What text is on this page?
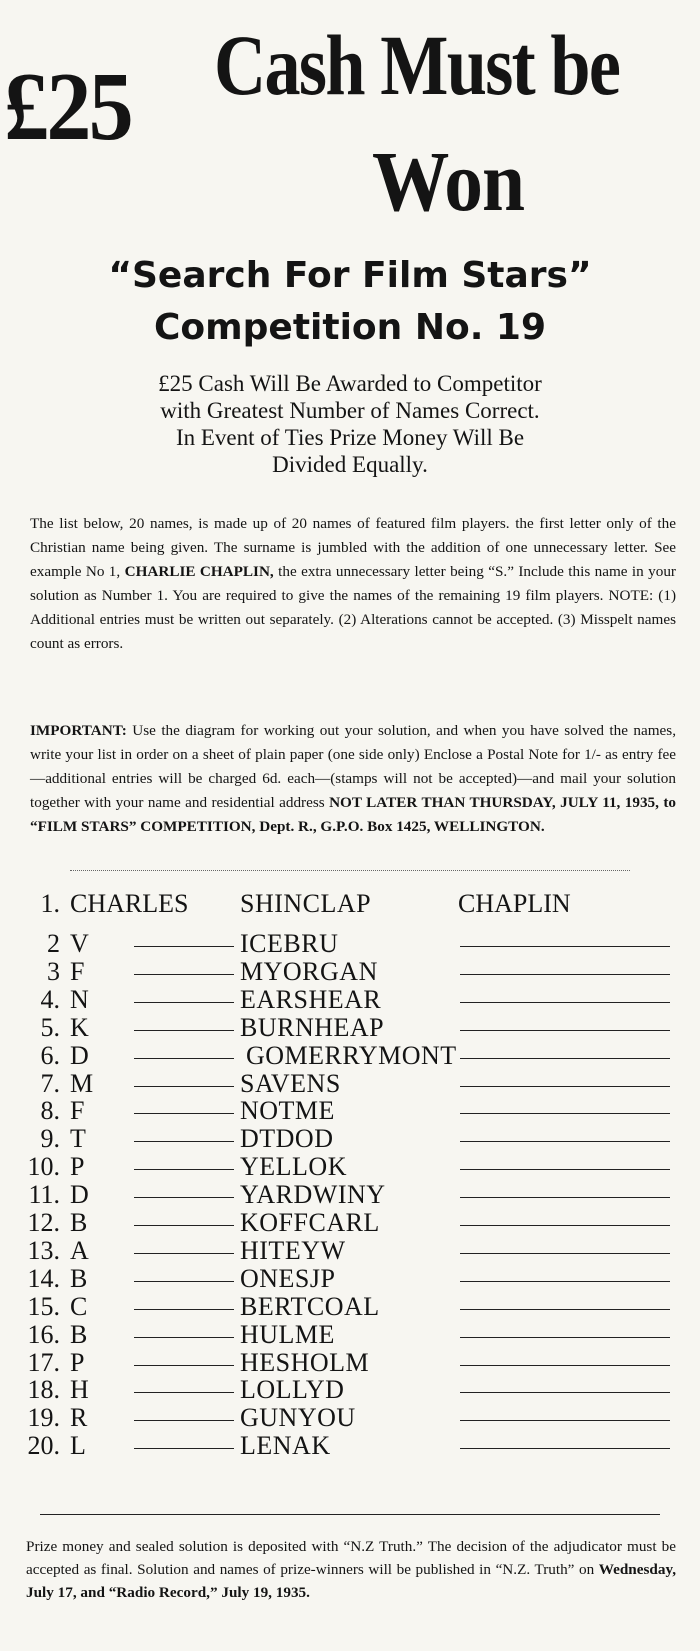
£25 Cash Must be
Won
“Search For Film Stars”
Competition No. 19
£25 Cash Will Be Awarded to Competitor
with Greatest Number of Names Correct.
In Event of Ties Prize Money Will Be
Divided Equally.
The list below, 20 names, is made up of 20 names of featured film players. the first letter only of the Christian name being given. The surname is jumbled with the addition of one unnecessary letter. See example No 1, CHARLIE CHAPLIN, the extra unnecessary letter being “S.” Include this name in your solution as Number 1. You are required to give the names of the remaining 19 film players. NOTE: (1) Additional entries must be written out separately. (2) Alterations cannot be accepted. (3) Misspelt names count as errors.
IMPORTANT: Use the diagram for working out your solution, and when you have solved the names, write your list in order on a sheet of plain paper (one side only) Enclose a Postal Note for 1/- as entry fee—additional entries will be charged 6d. each—(stamps will not be accepted)—and mail your solution together with your name and residential address NOT LATER THAN THURSDAY, JULY 11, 1935, to “FILM STARS” COMPETITION, Dept. R., G.P.O. Box 1425, WELLINGTON.
1. CHARLES SHINCLAP	CHAPLIN
2 V	ICEBRU
3 F	MYORGAN
4. N	EARSHEAR
5. K	BURNHEAP
6. D	GOMERRYMONT
7. M	SAVENS
8. F	NOTME
9. T	DTDOD
10. P	YELLOK
11. D	YARDWINY
12. B	KOFFCARL
13. A	HITEYW
14. B	ONESJP
15. C	BERTCOAL
16. B	HULME
17. P	HESHOLM
18. H	LOLLYD
19. R	GUNYOU
20. L	LENAK
Prize money and sealed solution is deposited with “N.Z Truth.” The decision of the adjudicator must be accepted as final. Solution and names of prize-winners will be published in “N.Z. Truth” on Wednesday, July 17, and “Radio Record,” July 19, 1935.
